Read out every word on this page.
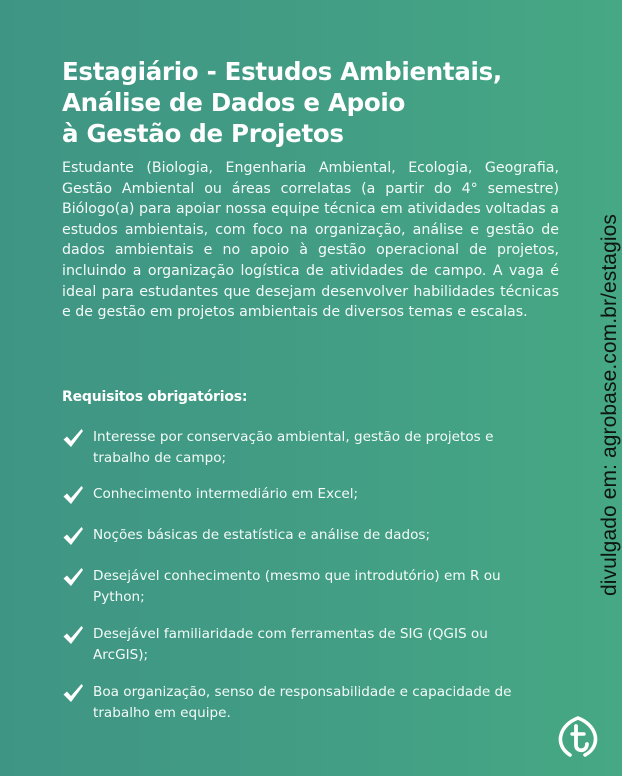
Estagiário - Estudos Ambientais,
Análise de Dados e Apoio
à Gestão de Projetos

Estudante (Biologia, Engenharia Ambiental, Ecologia, Geografia, Gestão Ambiental ou áreas correlatas (a partir do 4° semestre) Biólogo(a) para apoiar nossa equipe técnica em atividades voltadas a estudos ambientais, com foco na organização, análise e gestão de dados ambientais e no apoio à gestão operacional de projetos, incluindo a organização logística de atividades de campo. A vaga é ideal para estudantes que desejam desenvolver habilidades técnicas e de gestão em projetos ambientais de diversos temas e escalas.

Requisitos obrigatórios:
Interesse por conservação ambiental, gestão de projetos e trabalho de campo;
Conhecimento intermediário em Excel;
Noções básicas de estatística e análise de dados;
Desejável conhecimento (mesmo que introdutório) em R ou Python;
Desejável familiaridade com ferramentas de SIG (QGIS ou ArcGIS);
Boa organização, senso de responsabilidade e capacidade de trabalho em equipe.
divulgado em: agrobase.com.br/estagios
